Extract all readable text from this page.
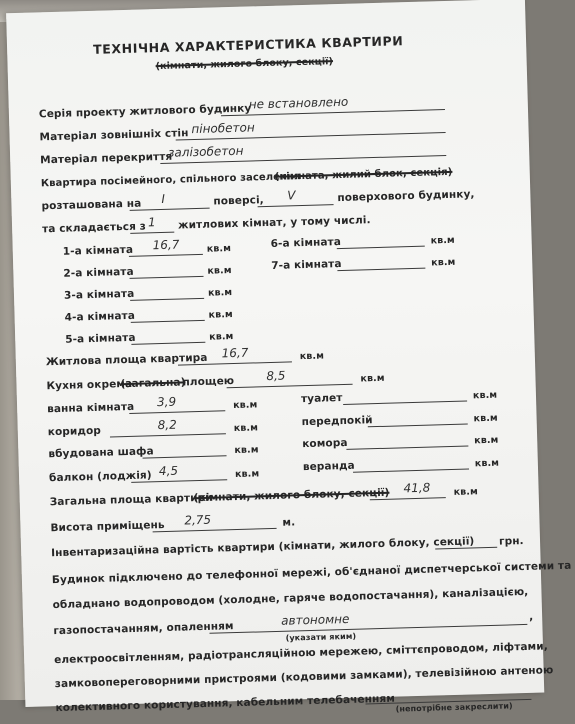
ТЕХНІЧНА ХАРАКТЕРИСТИКА КВАРТИРИ
(кімнати, жилого блоку, секції)
Серія проекту житлового будинку
не встановлено
Матеріал зовнішніх стін пінобетон
Матеріал перекриття
залізобетон
Квартира посімейного, спільного заселення
(кімната, жилий блок, секція)
розташована на I	поверсі, V	поверхового будинку,
та складається з 1 житлових кімнат, у тому числі.
1-а кімната 16,7	кв.м
2-а кімната	кв.м
3-а кімната	кв.м
4-а кімната	кв.м
5-а кімната	кв.м
6-а кімната	кв.м
7-а кімната	кв.м
Житлова площа квартира 16,7	кв.м
Кухня окрема
(загальна)
площею	8,5	кв.м
ванна кімната 3,9	кв.м
туалет	кв.м
коридор	8,2	кв.м
передпокій	кв.м
вбудована шафа	кв.м
комора	кв.м
балкон (лоджія) 4,5	кв.м
веранда	кв.м
Загальна площа квартири
(кімнати, жилого блоку, секції) 41,8 кв.м
Висота приміщень 2,75	м.
Інвентаризаційна вартість квартири (кімнати, жилого блоку, секції) грн.
Будинок підключено до телефонної мережі, об'єднаної диспетчерської системи та
обладнано водопроводом (холодне, гаряче водопостачання), каналізацією,
газопостачанням, опаленням
автономне	,
(указати яким)
електроосвітленням, радіотрансляційною мережею, сміттєпроводом, ліфтами,
замковопереговорними пристроями (кодовими замками), телевізійною антеною
колективного користування, кабельним телебаченням (непотрібне закреслити)
